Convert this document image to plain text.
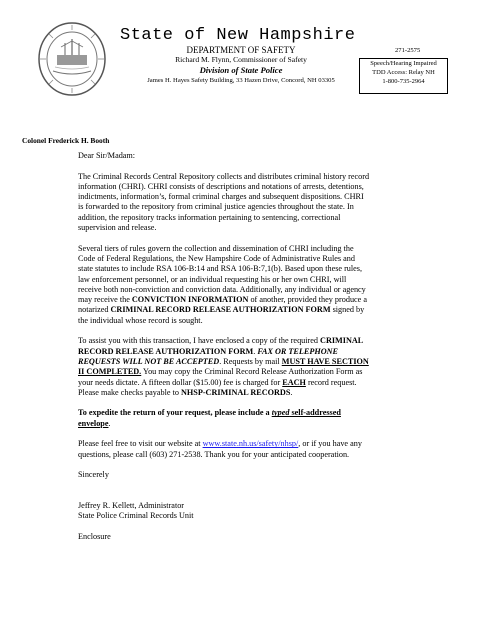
State of New Hampshire
DEPARTMENT OF SAFETY
Richard M. Flynn, Commissioner of Safety
Division of State Police
James H. Hayes Safety Building, 33 Hazen Drive, Concord, NH 03305
271-2575
Speech/Hearing Impaired
TDD Access: Relay NH
1-800-735-2964
Colonel Frederick H. Booth

Dear Sir/Madam:

The Criminal Records Central Repository collects and distributes criminal history record information (CHRI). CHRI consists of descriptions and notations of arrests, detentions, indictments, information’s, formal criminal charges and subsequent dispositions. CHRI is forwarded to the repository from criminal justice agencies throughout the state. In addition, the repository tracks information pertaining to sentencing, correctional supervision and release.

Several tiers of rules govern the collection and dissemination of CHRI including the Code of Federal Regulations, the New Hampshire Code of Administrative Rules and state statutes to include RSA 106-B:14 and RSA 106-B:7,1(b). Based upon these rules, law enforcement personnel, or an individual requesting his or her own CHRI, will receive both non-conviction and conviction data. Additionally, any individual or agency may receive the CONVICTION INFORMATION of another, provided they produce a notarized CRIMINAL RECORD RELEASE AUTHORIZATION FORM signed by the individual whose record is sought.

To assist you with this transaction, I have enclosed a copy of the required CRIMINAL RECORD RELEASE AUTHORIZATION FORM. FAX OR TELEPHONE REQUESTS WILL NOT BE ACCEPTED. Requests by mail MUST HAVE SECTION II COMPLETED. You may copy the Criminal Record Release Authorization Form as your needs dictate. A fifteen dollar ($15.00) fee is charged for EACH record request. Please make checks payable to NHSP-CRIMINAL RECORDS.

To expedite the return of your request, please include a typed self-addressed envelope.

Please feel free to visit our website at www.state.nh.us/safety/nhsp/, or if you have any questions, please call (603) 271-2538. Thank you for your anticipated cooperation.

Sincerely

Jeffrey R. Kellett, Administrator
State Police Criminal Records Unit
Enclosure
